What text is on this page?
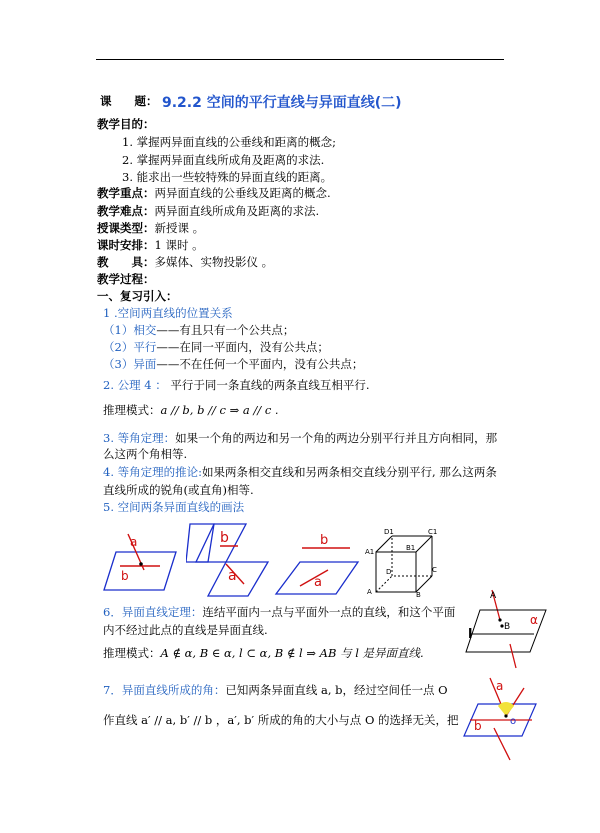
课　　题： 9.2.2 空间的平行直线与异面直线(二)
教学目的：
1. 掌握两异面直线的公垂线和距离的概念;
2. 掌握两异面直线所成角及距离的求法.
3. 能求出一些较特殊的异面直线的距离。
教学重点：两异面直线的公垂线及距离的概念.
教学难点：两异面直线所成角及距离的求法.
授课类型：新授课 。
课时安排：1 课时 。
教　　具：多媒体、实物投影仪 。
教学过程：
一、复习引入：
1 .空间两直线的位置关系
（1）相交——有且只有一个公共点；
（2）平行——在同一平面内，没有公共点；
（3）异面——不在任何一个平面内，没有公共点；
2. 公理 4 ： 平行于同一条直线的两条直线互相平行.
推理模式：a // b, b // c ⇒ a // c .
3. 等角定理：如果一个角的两边和另一个角的两边分别平行并且方向相同，那
么这两个角相等.
4. 等角定理的推论:如果两条相交直线和另两条相交直线分别平行, 那么这两条
直线所成的锐角(或直角)相等.
5. 空间两条异面直线的画法
a
b
b
a
b
a
D1	C1
A1	B1
D	C
A	B
6．异面直线定理：连结平面内一点与平面外一点的直线，和这个平面
内不经过此点的直线是异面直线.
推理模式：A ∉ α, B ∈ α, l ⊂ α, B ∉ l ⇒ AB 与 l 是异面直线.
A
B α
l
7．异面直线所成的角：已知两条异面直线 a, b，经过空间任一点 O
作直线 a′ // a, b′ // b ，a′, b′ 所成的角的大小与点 O 的选择无关，把
a
b	o
